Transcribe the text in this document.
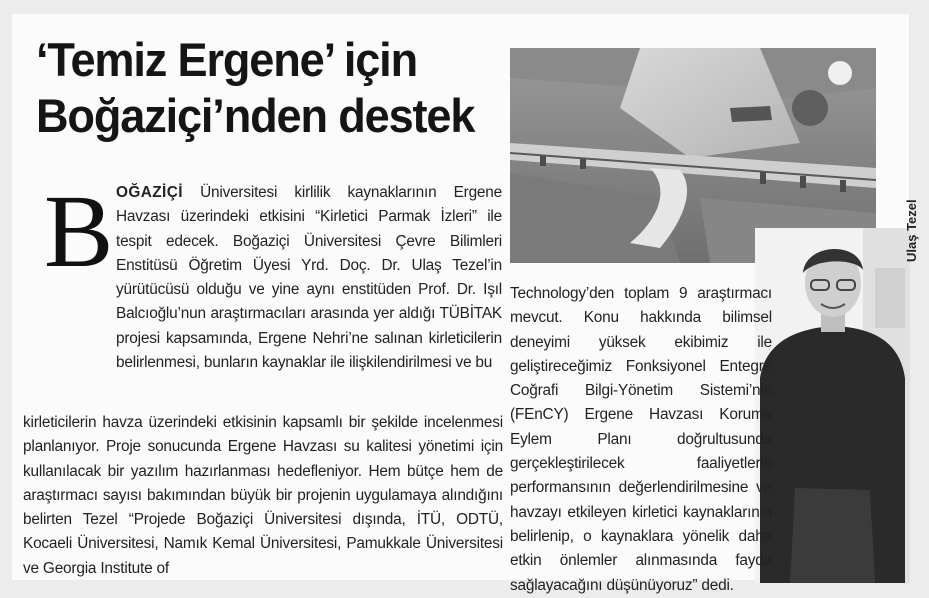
‘Temiz Ergene’ için
Boğaziçi’nden destek
B OĞAZİÇİ Üniversitesi kirlilik kaynaklarının Ergene Havzası üzerindeki etkisini “Kirletici Parmak İzleri” ile tespit edecek. Boğaziçi Üniversitesi Çevre Bilimleri Enstitüsü Öğretim Üyesi Yrd. Doç. Dr. Ulaş Tezel’in yürütücüsü olduğu ve yine aynı enstitüden Prof. Dr. Işıl Balcıoğlu’nun araştırmacıları arasında yer aldığı TÜBİTAK projesi kapsamında, Ergene Nehri’ne salınan kirleticilerin belirlenmesi, bunların kaynaklar ile ilişkilendirilmesi ve bu
kirleticilerin havza üzerindeki etkisinin kapsamlı bir şekilde incelenmesi planlanıyor. Proje sonucunda Ergene Havzası su kalitesi yönetimi için kullanılacak bir yazılım hazırlanması hedefleniyor. Hem bütçe hem de araştırmacı sayısı bakımından büyük bir projenin uygulamaya alındığını belirten Tezel “Projede Boğaziçi Üniversitesi dışında, İTÜ, ODTÜ, Kocaeli Üniversitesi, Namık Kemal Üniversitesi, Pamukkale Üniversitesi ve Georgia Institute of
Technology’den toplam 9 araştırmacı mevcut. Konu hakkında bilimsel deneyimi yüksek ekibimiz ile geliştireceğimiz Fonksiyonel Entegre Coğrafi Bilgi-Yönetim Sistemi’nin (FEnCY) Ergene Havzası Koruma Eylem Planı doğrultusunda gerçekleştirilecek faaliyetlerin performansının değerlendirilmesine ve havzayı etkileyen kirletici kaynaklarının belirlenip, o kaynaklara yönelik daha etkin önlemler alınmasında fayda sağlayacağını düşünüyoruz” dedi.
Ulaş Tezel
